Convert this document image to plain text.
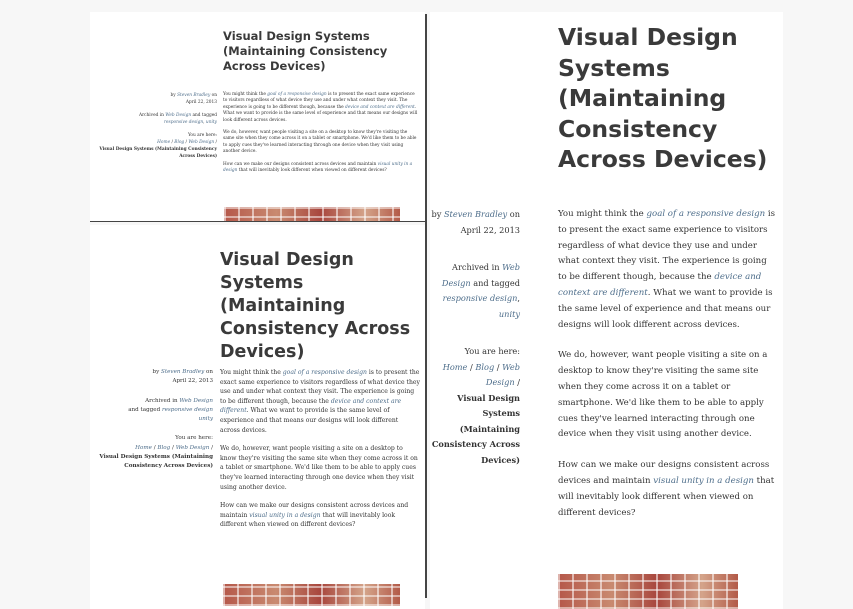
Visual Design Systems
(Maintaining Consistency
Across Devices)
by Steven Bradley on
April 22, 2013
Archived in Web Design and tagged
responsive design, unity
You are here:
Home / Blog / Web Design /
Visual Design Systems (Maintaining Consistency Across Devices)

You might think the goal of a responsive design is to present the exact same experience to visitors regardless of what device they use and under what context they visit. The experience is going to be different though, because the device and context are different. What we want to provide is the same level of experience and that means our designs will look different across devices.

We do, however, want people visiting a site on a desktop to know they're visiting the same site when they come across it on a tablet or smartphone. We'd like them to be able to apply cues they've learned interacting through one device when they visit using another device.

How can we make our designs consistent across devices and maintain visual unity in a design that will inevitably look different when viewed on different devices?

Visual Design Systems
(Maintaining
Consistency Across
Devices)
by Steven Bradley on
April 22, 2013
Archived in Web Design
and tagged responsive design
unity
You are here:
Home / Blog / Web Design /
Visual Design Systems (Maintaining Consistency Across Devices)

You might think the goal of a responsive design is to present the exact same experience to visitors regardless of what device they use and under what context they visit. The experience is going to be different though, because the device and context are different. What we want to provide is the same level of experience and that means our designs will look different across devices.

We do, however, want people visiting a site on a desktop to know they're visiting the same site when they come across it on a tablet or smartphone. We'd like them to be able to apply cues they've learned interacting through one device when they visit using another device.

How can we make our designs consistent across devices and maintain visual unity in a design that will inevitably look different when viewed on different devices?

Visual Design
Systems
(Maintaining
Consistency
Across Devices)
by Steven Bradley on
April 22, 2013
Archived in Web Design and tagged responsive design, unity
You are here:
Home / Blog / Web Design /
Visual Design Systems (Maintaining Consistency Across Devices)

You might think the goal of a responsive design is to present the exact same experience to visitors regardless of what device they use and under what context they visit. The experience is going to be different though, because the device and context are different. What we want to provide is the same level of experience and that means our designs will look different across devices.

We do, however, want people visiting a site on a desktop to know they're visiting the same site when they come across it on a tablet or smartphone. We'd like them to be able to apply cues they've learned interacting through one device when they visit using another device.

How can we make our designs consistent across devices and maintain visual unity in a design that will inevitably look different when viewed on different devices?
